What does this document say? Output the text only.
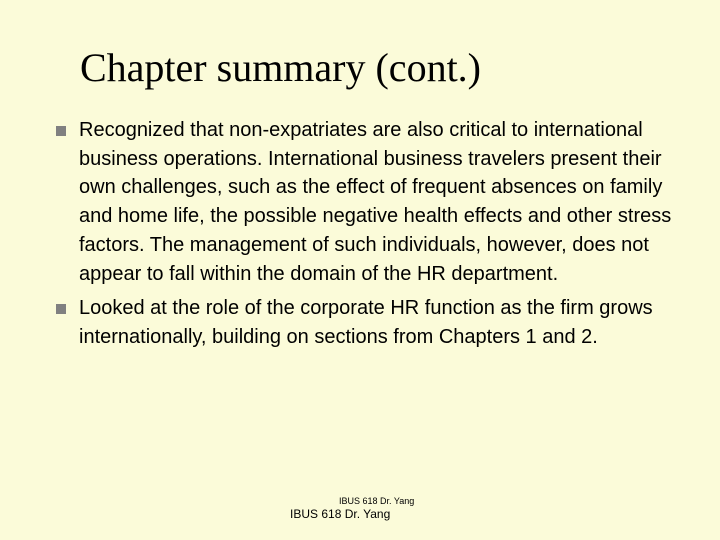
Chapter summary (cont.)
Recognized that non-expatriates are also critical to international business operations. International business travelers present their own challenges, such as the effect of frequent absences on family and home life, the possible negative health effects and other stress factors. The management of such individuals, however, does not appear to fall within the domain of the HR department.
Looked at the role of the corporate HR function as the firm grows internationally, building on sections from Chapters 1 and 2.
IBUS 618 Dr. Yang
IBUS 618 Dr. Yang
